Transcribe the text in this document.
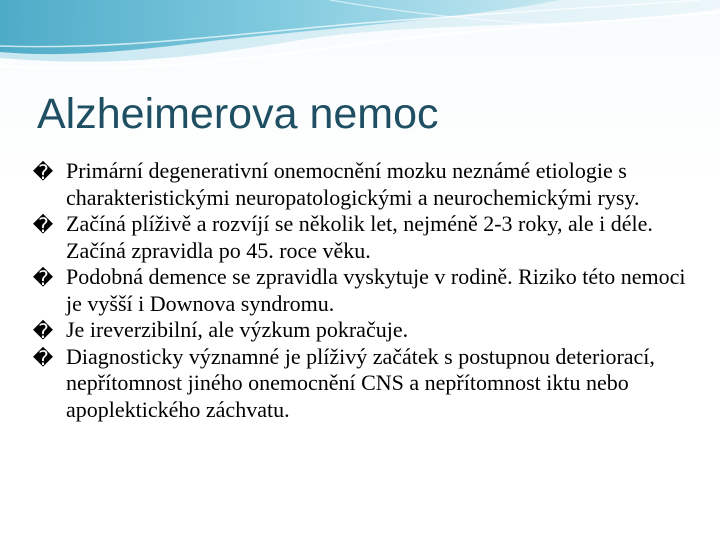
Alzheimerova nemoc
� Primární degenerativní onemocnění mozku neznámé etiologie s charakteristickými neuropatologickými a neurochemickými rysy.
� Začíná plíživě a rozvíjí se několik let, nejméně 2-3 roky, ale i déle. Začíná zpravidla po 45. roce věku.
� Podobná demence se zpravidla vyskytuje v rodině. Riziko této nemoci je vyšší i Downova syndromu.
� Je ireverzibilní, ale výzkum pokračuje.
� Diagnosticky významné je plíživý začátek s postupnou deteriorací, nepřítomnost jiného onemocnění CNS a nepřítomnost iktu nebo apoplektického záchvatu.
